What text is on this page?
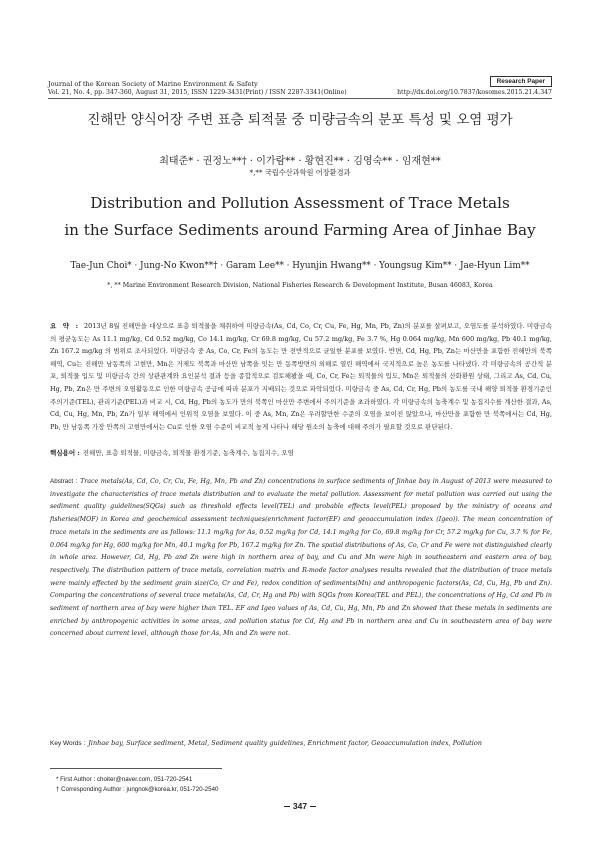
Research Paper
Journal of the Korean Society of Marine Environment & Safety
Vol. 21, No. 4, pp. 347-360, August 31, 2015, ISSN 1229-3431(Print) / ISSN 2287-3341(Online)	http://dx.doi.org/10.7837/kosomes.2015.21.4.347
진해만 양식어장 주변 표층 퇴적물 중 미량금속의 분포 특성 및 오염 평가
최태준* · 권정노**† · 이가람** · 황현진** · 김영숙** · 임재현**
*,** 국립수산과학원 어장환경과
Distribution and Pollution Assessment of Trace Metals
in the Surface Sediments around Farming Area of Jinhae Bay
Tae-Jun Choi* · Jung-No Kwon**† · Garam Lee** · Hyunjin Hwang** · Youngsug Kim** · Jae-Hyun Lim**
*, ** Marine Environment Research Division, National Fisheries Research & Development Institute, Busan 46083, Korea
요 약 : 2013년 8월 진해만을 대상으로 표층 퇴적물을 채취하여 미량금속(As, Cd, Co, Cr, Cu, Fe, Hg, Mn, Pb, Zn)의 분포를 살펴보고, 오염도를 분석하였다. 미량금속의 평균농도는 As 11.1 mg/kg, Cd 0.52 mg/kg, Co 14.1 mg/kg, Cr 69.8 mg/kg, Cu 57.2 mg/kg, Fe 3.7 %, Hg 0.064 mg/kg, Mn 600 mg/kg, Pb 40.1 mg/kg, Zn 167.2 mg/kg 의 범위로 조사되었다. 미량금속 중 As, Co, Cr, Fe의 농도는 만 전반적으로 균일한 분포를 보였다. 반면, Cd, Hg, Pb, Zn는 마산만을 포함한 진해만의 북쪽 해역, Cu는 진해만 남동쪽의 고현만, Mn은 거제도 북쪽과 마산만 남쪽을 잇는 만 동쪽방면의 외해로 열린 해역에서 국지적으로 높은 농도를 나타냈다. 각 미량금속의 공간적 분포, 퇴적물 입도 및 미량금속 간의 상관관계와 요인분석 결과 등을 종합적으로 검토해봤을 때, Co, Cr, Fe는 퇴적물의 입도, Mn은 퇴적물의 산화환원 상태, 그리고 As, Cd, Cu, Hg, Pb, Zn은 만 주변의 오염활동으로 인한 미량금속 공급에 따라 분포가 지배되는 것으로 파악되었다. 미량금속 중 As, Cd, Cr, Hg, Pb의 농도를 국내 해양 퇴적물 환경기준인 주의기준(TEL), 관리기준(PEL)과 비교 시, Cd, Hg, Pb의 농도가 만의 북쪽인 마산만 주변에서 주의기준을 초과하였다. 각 미량금속의 농축계수 및 농집지수를 계산한 결과, As, Cd, Cu, Hg, Mn, Pb, Zn가 일부 해역에서 인위적 오염을 보였다. 이 중 As, Mn, Zn은 우려할만한 수준의 오염을 보이진 않았으나, 마산만을 포함한 만 북쪽에서는 Cd, Hg, Pb, 만 남동쪽 가장 안쪽의 고현만에서는 Cu로 인한 오염 수준이 비교적 높게 나타나 해당 원소의 농축에 대해 주의가 필요할 것으로 판단된다.
핵심용어 : 진해만, 표층 퇴적물, 미량금속, 퇴적물 환경기준, 농축계수, 농집지수, 오염
Abstract : Trace metals(As, Cd, Co, Cr, Cu, Fe, Hg, Mn, Pb and Zn) concentrations in surface sediments of Jinhae bay in August of 2013 were measured to investigate the characteristics of trace metals distribution and to evaluate the metal pollution. Assessment for metal pollution was carried out using the sediment quality guidelines(SQGs) such as threshold effects level(TEL) and probable effects level(PEL) proposed by the ministry of oceans and fisheries(MOF) in Korea and geochemical assessment techniques(enrichment factor(EF) and geoaccumulation index (Igeo)). The mean concentration of trace metals in the sediments are as follows: 11.1 mg/kg for As, 0.52 mg/kg for Cd, 14.1 mg/kg for Co, 69.8 mg/kg for Cr, 57.2 mg/kg for Cu, 3.7 % for Fe, 0.064 mg/kg for Hg, 600 mg/kg for Mn, 40.1 mg/kg for Pb, 167.2 mg/kg for Zn. The spatial distributions of As, Co, Cr and Fe were not distinguished clearly in whole area. However, Cd, Hg, Pb and Zn were high in northern area of bay, and Cu and Mn were high in southeastern and eastern area of bay, respectively. The distribution pattern of trace metals, correlation matrix and R-mode factor analyses results revealed that the distribution of trace metals were mainly effected by the sediment grain size(Co, Cr and Fe), redox condition of sediments(Mn) and anthropogenic factors(As, Cd, Cu, Hg, Pb and Zn). Comparing the concentrations of several trace metals(As, Cd, Cr, Hg and Pb) with SQGs from Korea(TEL and PEL), the concentrations of Hg, Cd and Pb in sediment of northern area of bay were higher than TEL. EF and Igeo values of As, Cd, Cu, Hg, Mn, Pb and Zn showed that these metals in sediments are enriched by anthropogenic activities in some areas, and pollution status for Cd, Hg and Pb in northern area and Cu in southeastern area of bay were concerned about current level, although those for As, Mn and Zn were not.
Key Words : Jinhae bay, Surface sediment, Metal, Sediment quality guidelines, Enrichment factor, Geoaccumulation index, Pollution
* First Author : choiter@naver.com, 051-720-2541
† Corresponding Author : jungnok@korea.kr, 051-720-2540
347
